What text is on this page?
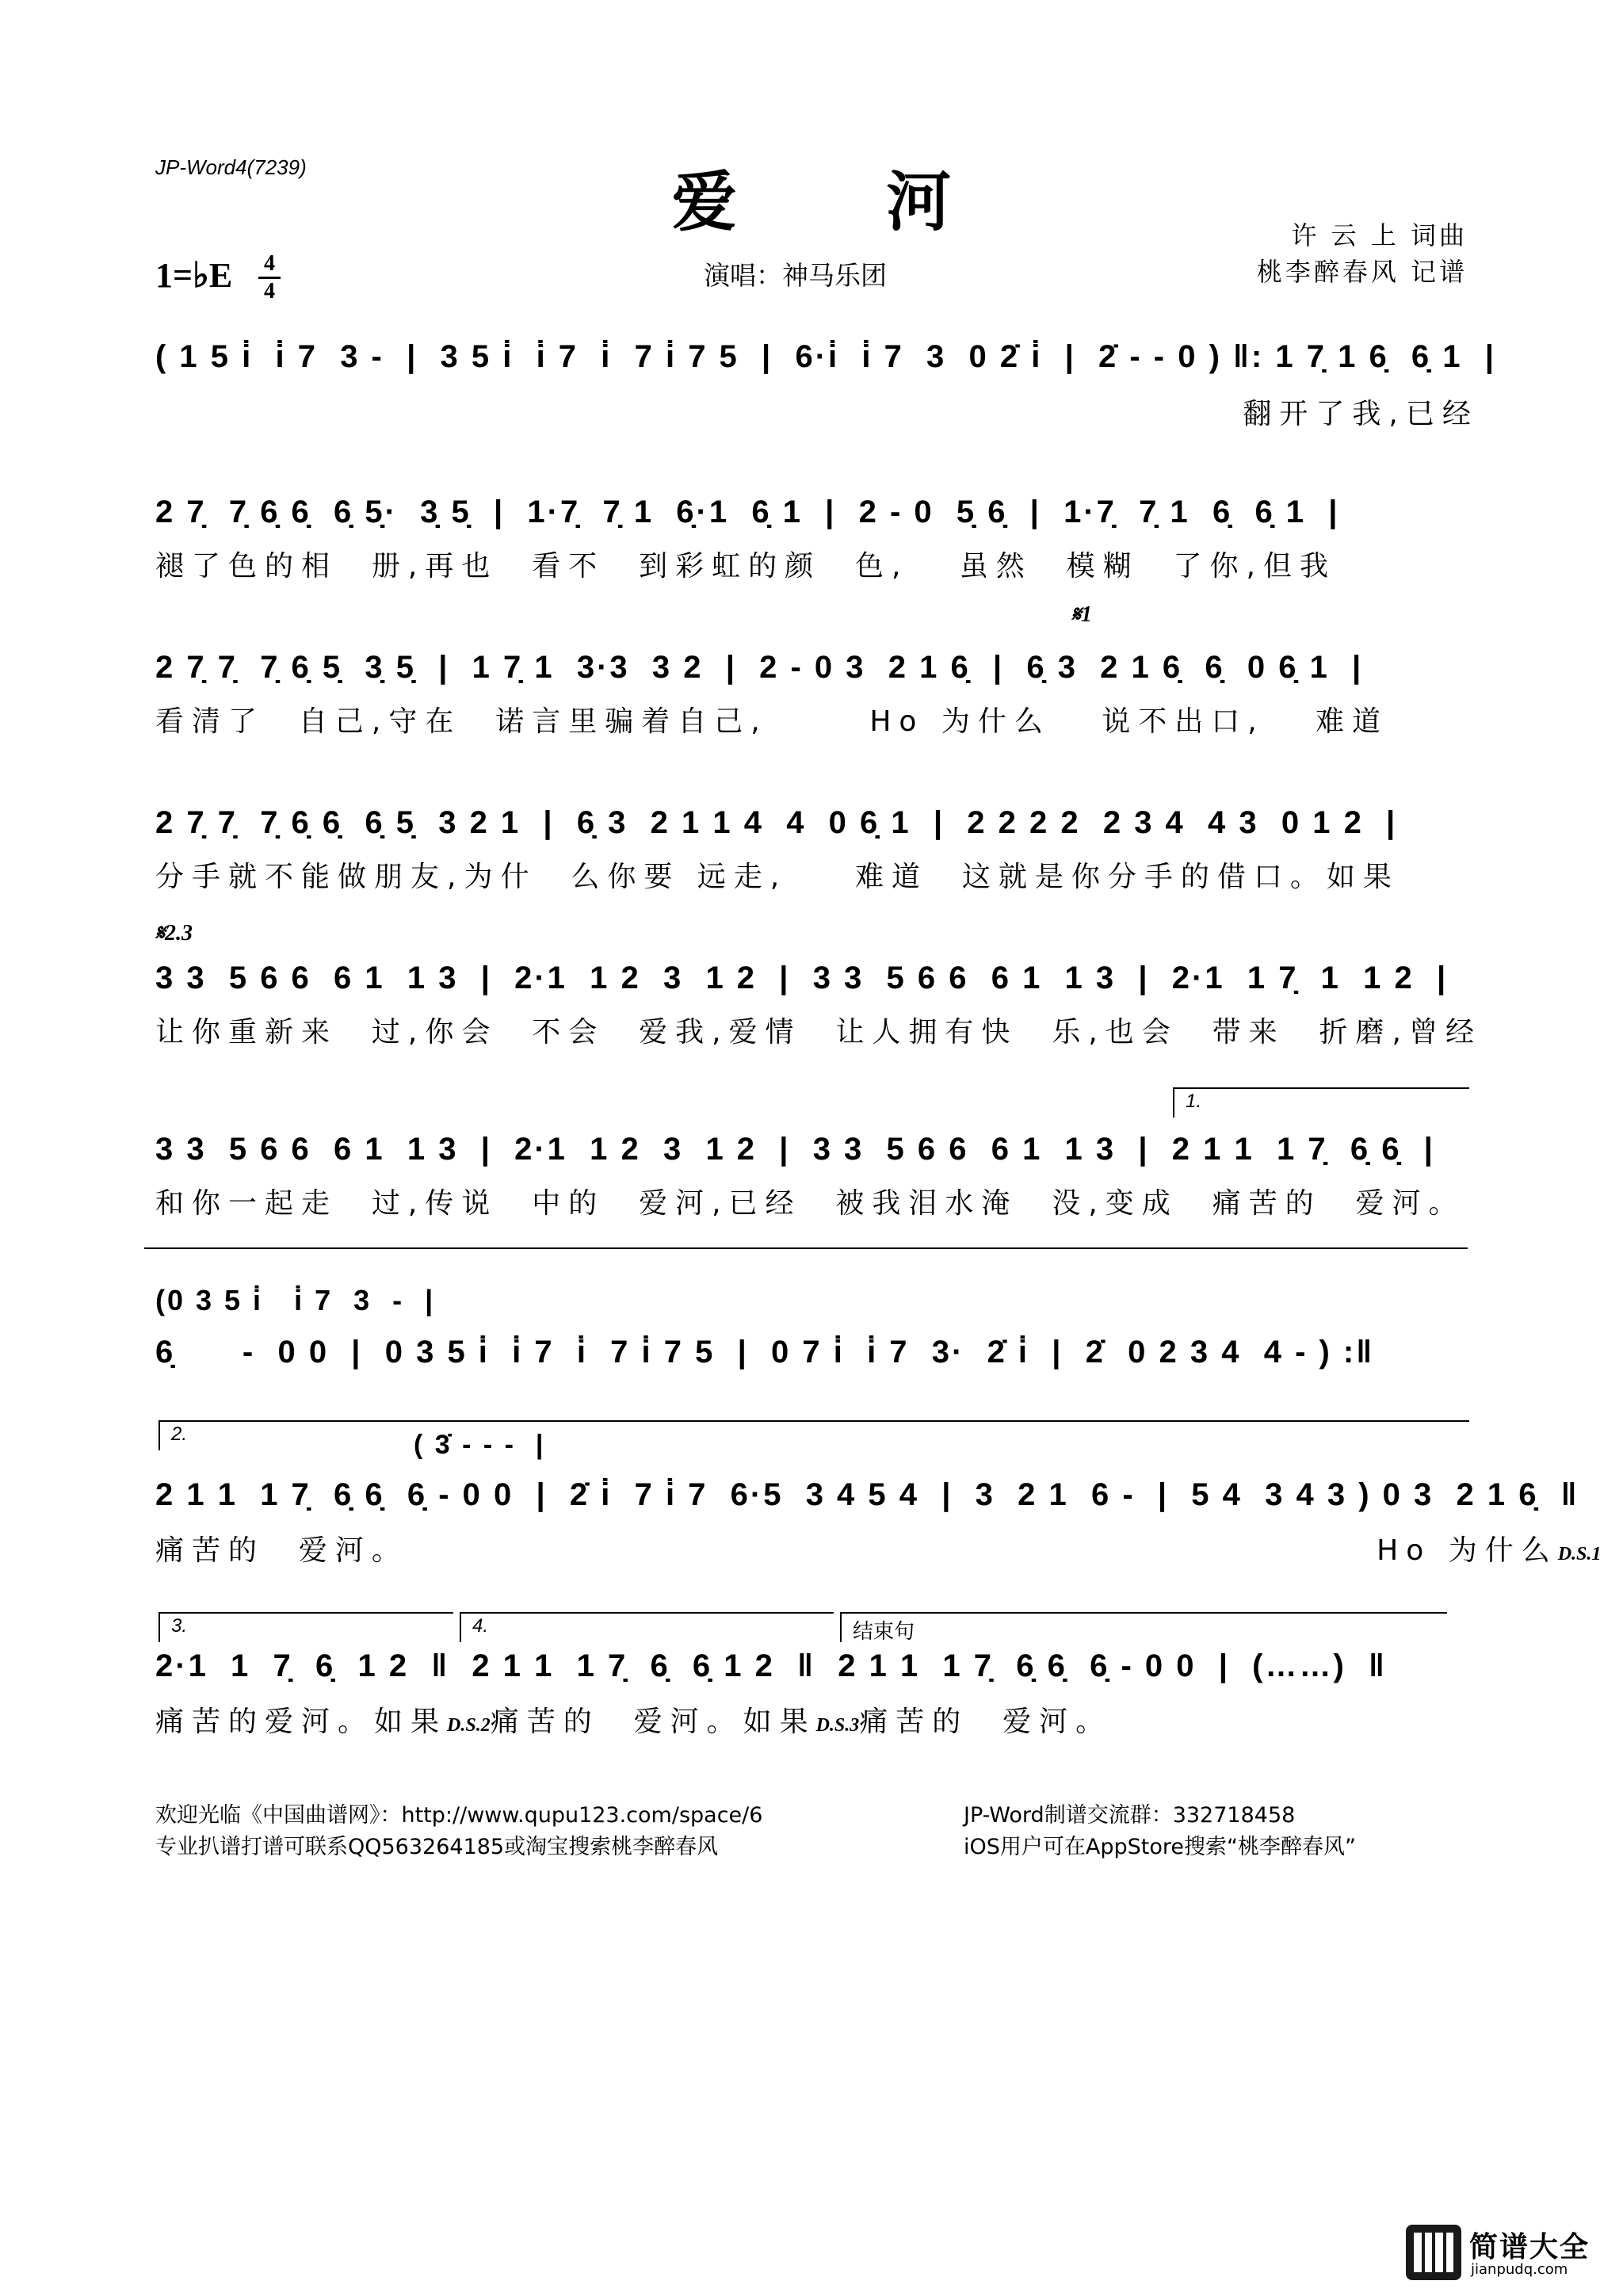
JP-Word4(7239)	爱 河	许 云 上 词曲
桃李醉春风 记谱
1=♭E 4
4
演唱：神马乐团
( 1 5 i̇  i̇ 7  3 -  |  3 5 i̇  i̇ 7  i̇  7 i̇ 7 5  |  6·i̇  i̇ 7  3  0 2̇ i̇  |  2̇ - - 0 ) ‖: 1 7̣ 1 6̣  6̣ 1  |
翻开了我,已经
2 7̣  7̣ 6̣ 6̣  6̣ 5̣·  3̣ 5̣  |  1·7̣  7̣ 1  6̣·1  6̣ 1  |  2 - 0  5̣ 6̣  |  1·7̣  7̣ 1  6̣  6̣ 1  |
褪了色的相  册,再也  看不  到彩虹的颜  色,   虽然  模糊  了你,但我
𝄋1
2 7̣ 7̣  7̣ 6̣ 5̣  3̣ 5̣  |  1 7̣ 1  3·3  3 2  |  2 - 0 3  2 1 6̣  |  6̣ 3  2 1 6̣  6̣  0 6̣ 1  |
看清了  自己,守在  诺言里骗着自己,      Ho 为什么   说不出口,   难道
2 7̣ 7̣  7̣ 6̣ 6̣  6̣ 5̣  3 2 1  |  6̣ 3  2 1 1 4  4  0 6̣ 1  |  2 2 2 2  2 3 4  4 3  0 1 2  |
分手就不能做朋友,为什  么你要 远走,    难道  这就是你分手的借口。如果
𝄋2.3
3 3  5 6 6  6 1  1 3  |  2·1  1 2  3  1 2  |  3 3  5 6 6  6 1  1 3  |  2·1  1 7̣  1  1 2  |
让你重新来  过,你会  不会  爱我,爱情  让人拥有快  乐,也会  带来  折磨,曾经
1.
3 3  5 6 6  6 1  1 3  |  2·1  1 2  3  1 2  |  3 3  5 6 6  6 1  1 3  |  2 1 1  1 7̣  6̣ 6̣  |
和你一起走  过,传说  中的  爱河,已经  被我泪水淹  没,变成  痛苦的  爱河。
(0 3 5 i̇   i̇ 7  3  -  |
6̣      -  0 0  |  0 3 5 i̇  i̇ 7  i̇  7 i̇ 7 5  |  0 7 i̇  i̇ 7  3·  2̇ i̇  |  2̇  0 2 3 4  4 - ) :‖
2.	( 3̇ - - -  |
2 1 1  1 7̣  6̣ 6̣  6̣ - 0 0  |  2̇ i̇  7 i̇ 7  6·5  3 4 5 4  |  3  2 1  6 -  |  5 4  3 4 3 ) 0 3  2 1 6̣  ‖
痛苦的  爱河。                                                         Ho 为什么D.S.1
3.	4.	结束句
2·1  1  7̣  6̣  1 2  ‖  2 1 1  1 7̣  6̣  6̣ 1 2  ‖  2 1 1  1 7̣  6̣ 6̣  6̣ - 0 0  |  (……)  ‖
痛苦的爱河。如果D.S.2痛苦的  爱河。如果D.S.3痛苦的  爱河。
欢迎光临《中国曲谱网》：http://www.qupu123.com/space/6
专业扒谱打谱可联系QQ563264185或淘宝搜索桃李醉春风
JP-Word制谱交流群：332718458
iOS用户可在AppStore搜索“桃李醉春风”
简谱大全
jianpudq.com
